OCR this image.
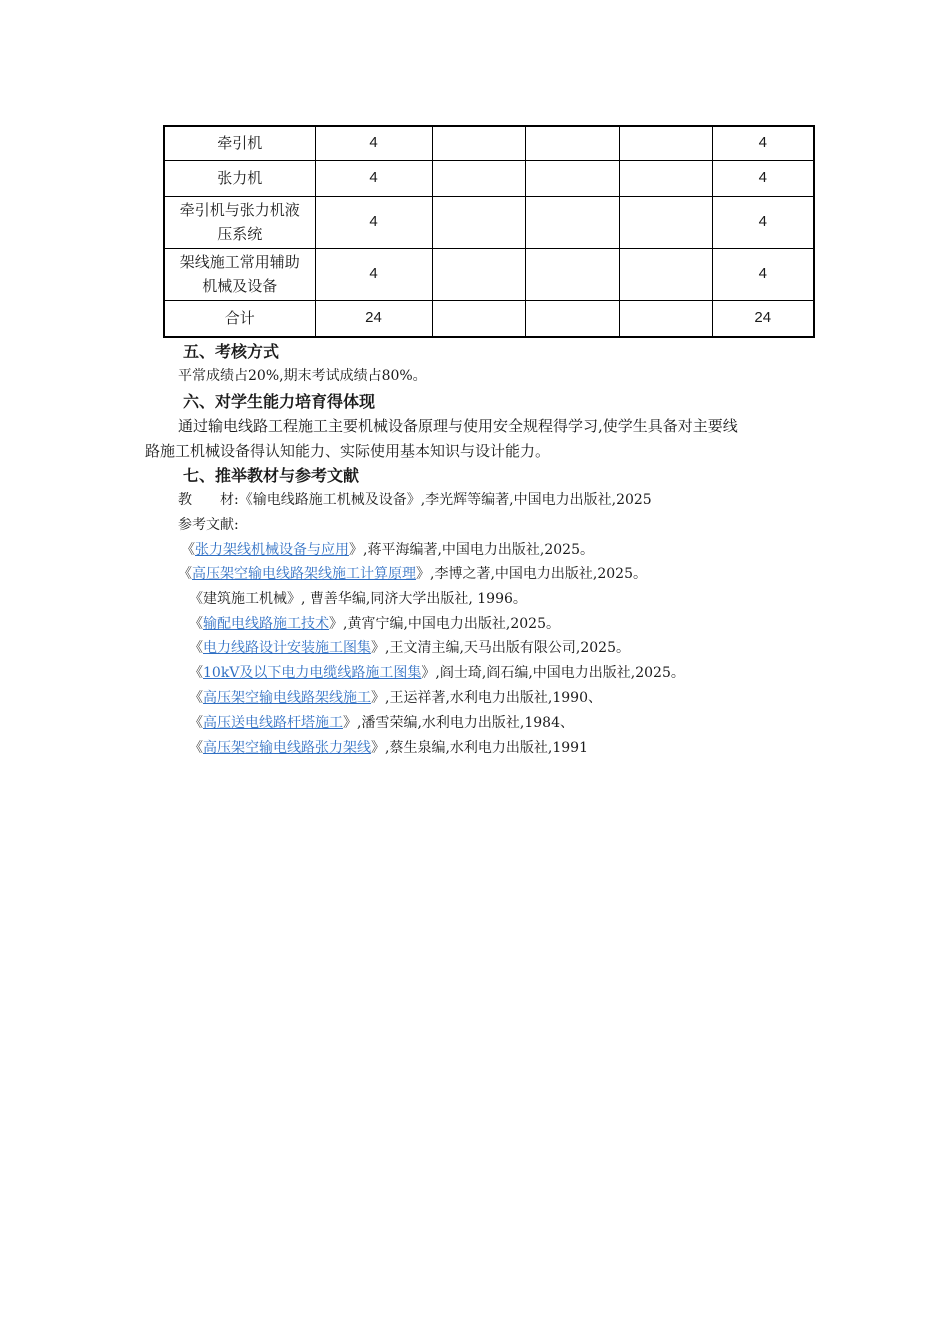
牵引机	4				4
张力机	4				4

牵引机与张力机液
压系统	4				4

架线施工常用辅助
机械及设备	4				4
合计	24				24
五、考核方式

平常成绩占20%,期末考试成绩占80%。

六、对学生能力培育得体现

通过输电线路工程施工主要机械设备原理与使用安全规程得学习,使学生具备对主要线

路施工机械设备得认知能力、实际使用基本知识与设计能力。

七、推举教材与参考文献

教　　材:《输电线路施工机械及设备》,李光辉等编著,中国电力出版社,2025

参考文献:

《张力架线机械设备与应用》,蒋平海编著,中国电力出版社,2025。
《高压架空输电线路架线施工计算原理》,李博之著,中国电力出版社,2025。
《建筑施工机械》, 曹善华编,同济大学出版社, 1996。
《输配电线路施工技术》,黄宵宁编,中国电力出版社,2025。
《电力线路设计安装施工图集》,王文清主编,天马出版有限公司,2025。
《10kV及以下电力电缆线路施工图集》,阎士琦,阎石编,中国电力出版社,2025。
《高压架空输电线路架线施工》,王运祥著,水利电力出版社,1990、
《高压送电线路杆塔施工》,潘雪荣编,水利电力出版社,1984、
《高压架空输电线路张力架线》,蔡生泉编,水利电力出版社,1991
